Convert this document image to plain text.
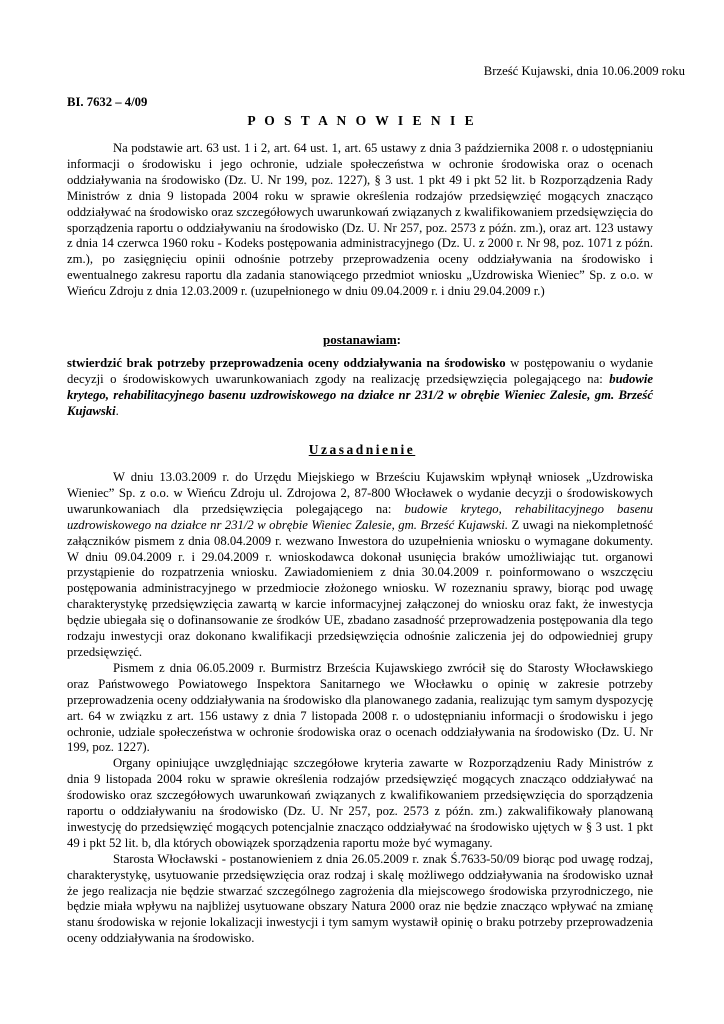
Brześć Kujawski, dnia 10.06.2009 roku
BI. 7632 – 4/09
P O S T A N O W I E N I E

Na podstawie art. 63 ust. 1 i 2, art. 64 ust. 1, art. 65 ustawy z dnia 3 października 2008 r. o udostępnianiu informacji o środowisku i jego ochronie, udziale społeczeństwa w ochronie środowiska oraz o ocenach oddziaływania na środowisko (Dz. U. Nr 199, poz. 1227), § 3 ust. 1 pkt 49 i pkt 52 lit. b Rozporządzenia Rady Ministrów z dnia 9 listopada 2004 roku w sprawie określenia rodzajów przedsięwzięć mogących znacząco oddziaływać na środowisko oraz szczegółowych uwarunkowań związanych z kwalifikowaniem przedsięwzięcia do sporządzenia raportu o oddziaływaniu na środowisko (Dz. U. Nr 257, poz. 2573 z późn. zm.), oraz art. 123 ustawy z dnia 14 czerwca 1960 roku - Kodeks postępowania administracyjnego (Dz. U. z 2000 r. Nr 98, poz. 1071 z późn. zm.), po zasięgnięciu opinii odnośnie potrzeby przeprowadzenia oceny oddziaływania na środowisko i ewentualnego zakresu raportu dla zadania stanowiącego przedmiot wniosku „Uzdrowiska Wieniec” Sp. z o.o. w Wieńcu Zdroju z dnia 12.03.2009 r. (uzupełnionego w dniu 09.04.2009 r. i dniu 29.04.2009 r.)

postanawiam:

stwierdzić brak potrzeby przeprowadzenia oceny oddziaływania na środowisko w postępowaniu o wydanie decyzji o środowiskowych uwarunkowaniach zgody na realizację przedsięwzięcia polegającego na: budowie krytego, rehabilitacyjnego basenu uzdrowiskowego na działce nr 231/2 w obrębie Wieniec Zalesie, gm. Brześć Kujawski.

Uzasadnienie

W dniu 13.03.2009 r. do Urzędu Miejskiego w Brześciu Kujawskim wpłynął wniosek „Uzdrowiska Wieniec” Sp. z o.o. w Wieńcu Zdroju ul. Zdrojowa 2, 87-800 Włocławek o wydanie decyzji o środowiskowych uwarunkowaniach dla przedsięwzięcia polegającego na: budowie krytego, rehabilitacyjnego basenu uzdrowiskowego na działce nr 231/2 w obrębie Wieniec Zalesie, gm. Brześć Kujawski. Z uwagi na niekompletność załączników pismem z dnia 08.04.2009 r. wezwano Inwestora do uzupełnienia wniosku o wymagane dokumenty. W dniu 09.04.2009 r. i 29.04.2009 r. wnioskodawca dokonał usunięcia braków umożliwiając tut. organowi przystąpienie do rozpatrzenia wniosku. Zawiadomieniem z dnia 30.04.2009 r. poinformowano o wszczęciu postępowania administracyjnego w przedmiocie złożonego wniosku. W rozeznaniu sprawy, biorąc pod uwagę charakterystykę przedsięwzięcia zawartą w karcie informacyjnej załączonej do wniosku oraz fakt, że inwestycja będzie ubiegała się o dofinansowanie ze środków UE, zbadano zasadność przeprowadzenia postępowania dla tego rodzaju inwestycji oraz dokonano kwalifikacji przedsięwzięcia odnośnie zaliczenia jej do odpowiedniej grupy przedsięwzięć.

Pismem z dnia 06.05.2009 r. Burmistrz Brześcia Kujawskiego zwrócił się do Starosty Włocławskiego oraz Państwowego Powiatowego Inspektora Sanitarnego we Włocławku o opinię w zakresie potrzeby przeprowadzenia oceny oddziaływania na środowisko dla planowanego zadania, realizując tym samym dyspozycję art. 64 w związku z art. 156 ustawy z dnia 7 listopada 2008 r. o udostępnianiu informacji o środowisku i jego ochronie, udziale społeczeństwa w ochronie środowiska oraz o ocenach oddziaływania na środowisko (Dz. U. Nr 199, poz. 1227).

Organy opiniujące uwzględniając szczegółowe kryteria zawarte w Rozporządzeniu Rady Ministrów z dnia 9 listopada 2004 roku w sprawie określenia rodzajów przedsięwzięć mogących znacząco oddziaływać na środowisko oraz szczegółowych uwarunkowań związanych z kwalifikowaniem przedsięwzięcia do sporządzenia raportu o oddziaływaniu na środowisko (Dz. U. Nr 257, poz. 2573 z późn. zm.) zakwalifikowały planowaną inwestycję do przedsięwzięć mogących potencjalnie znacząco oddziaływać na środowisko ujętych w § 3 ust. 1 pkt 49 i pkt 52 lit. b, dla których obowiązek sporządzenia raportu może być wymagany.

Starosta Włocławski - postanowieniem z dnia 26.05.2009 r. znak Ś.7633-50/09 biorąc pod uwagę rodzaj, charakterystykę, usytuowanie przedsięwzięcia oraz rodzaj i skalę możliwego oddziaływania na środowisko uznał że jego realizacja nie będzie stwarzać szczególnego zagrożenia dla miejscowego środowiska przyrodniczego, nie będzie miała wpływu na najbliżej usytuowane obszary Natura 2000 oraz nie będzie znacząco wpływać na zmianę stanu środowiska w rejonie lokalizacji inwestycji i tym samym wystawił opinię o braku potrzeby przeprowadzenia oceny oddziaływania na środowisko.
